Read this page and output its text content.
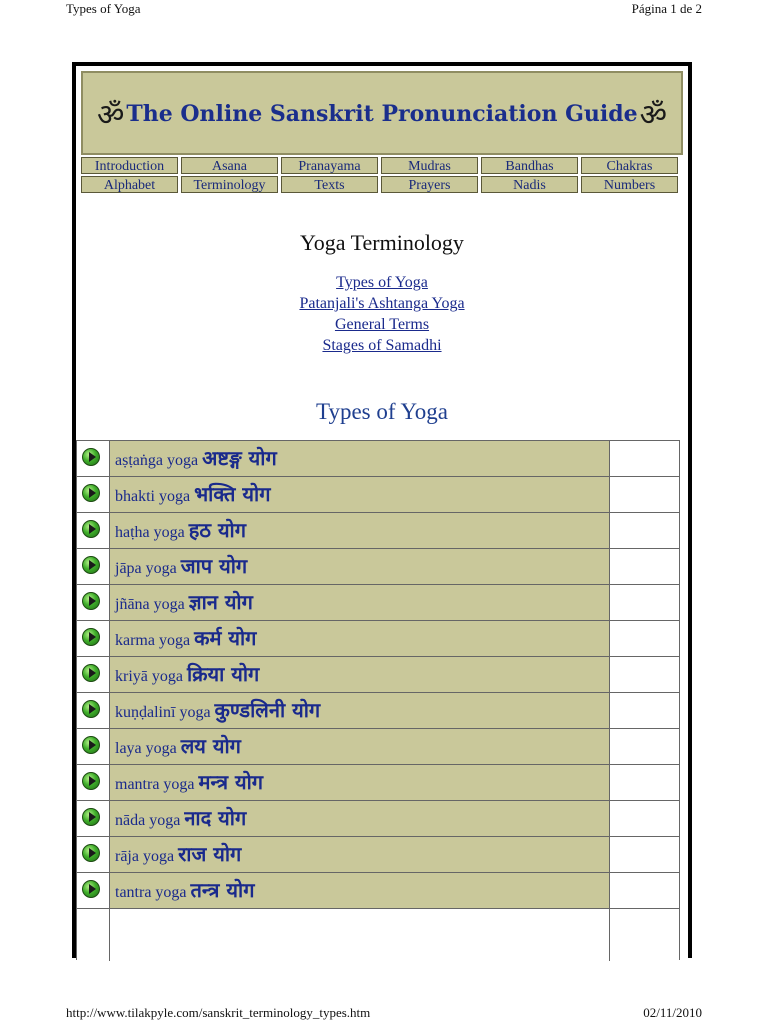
Types of Yoga	Página 1 de 2
ॐ The Online Sanskrit Pronunciation Guide ॐ
Introduction	Asana	Pranayama	Mudras	Bandhas	Chakras
Alphabet	Terminology	Texts	Prayers	Nadis	Numbers
Yoga Terminology
Types of Yoga
Patanjali's Ashtanga Yoga
General Terms
Stages of Samadhi
Types of Yoga
aṣṭaṅga yoga अष्टङ्ग योग
bhakti yoga भक्ति योग
haṭha yoga हठ योग
jāpa yoga जाप योग
jñāna yoga ज्ञान योग
karma yoga कर्म योग
kriyā yoga क्रिया योग
kuṇḍalinī yoga कुण्डलिनी योग
laya yoga लय योग
mantra yoga मन्त्र योग
nāda yoga नाद योग
rāja yoga राज योग
tantra yoga तन्त्र योग
http://www.tilakpyle.com/sanskrit_terminology_types.htm	02/11/2010
